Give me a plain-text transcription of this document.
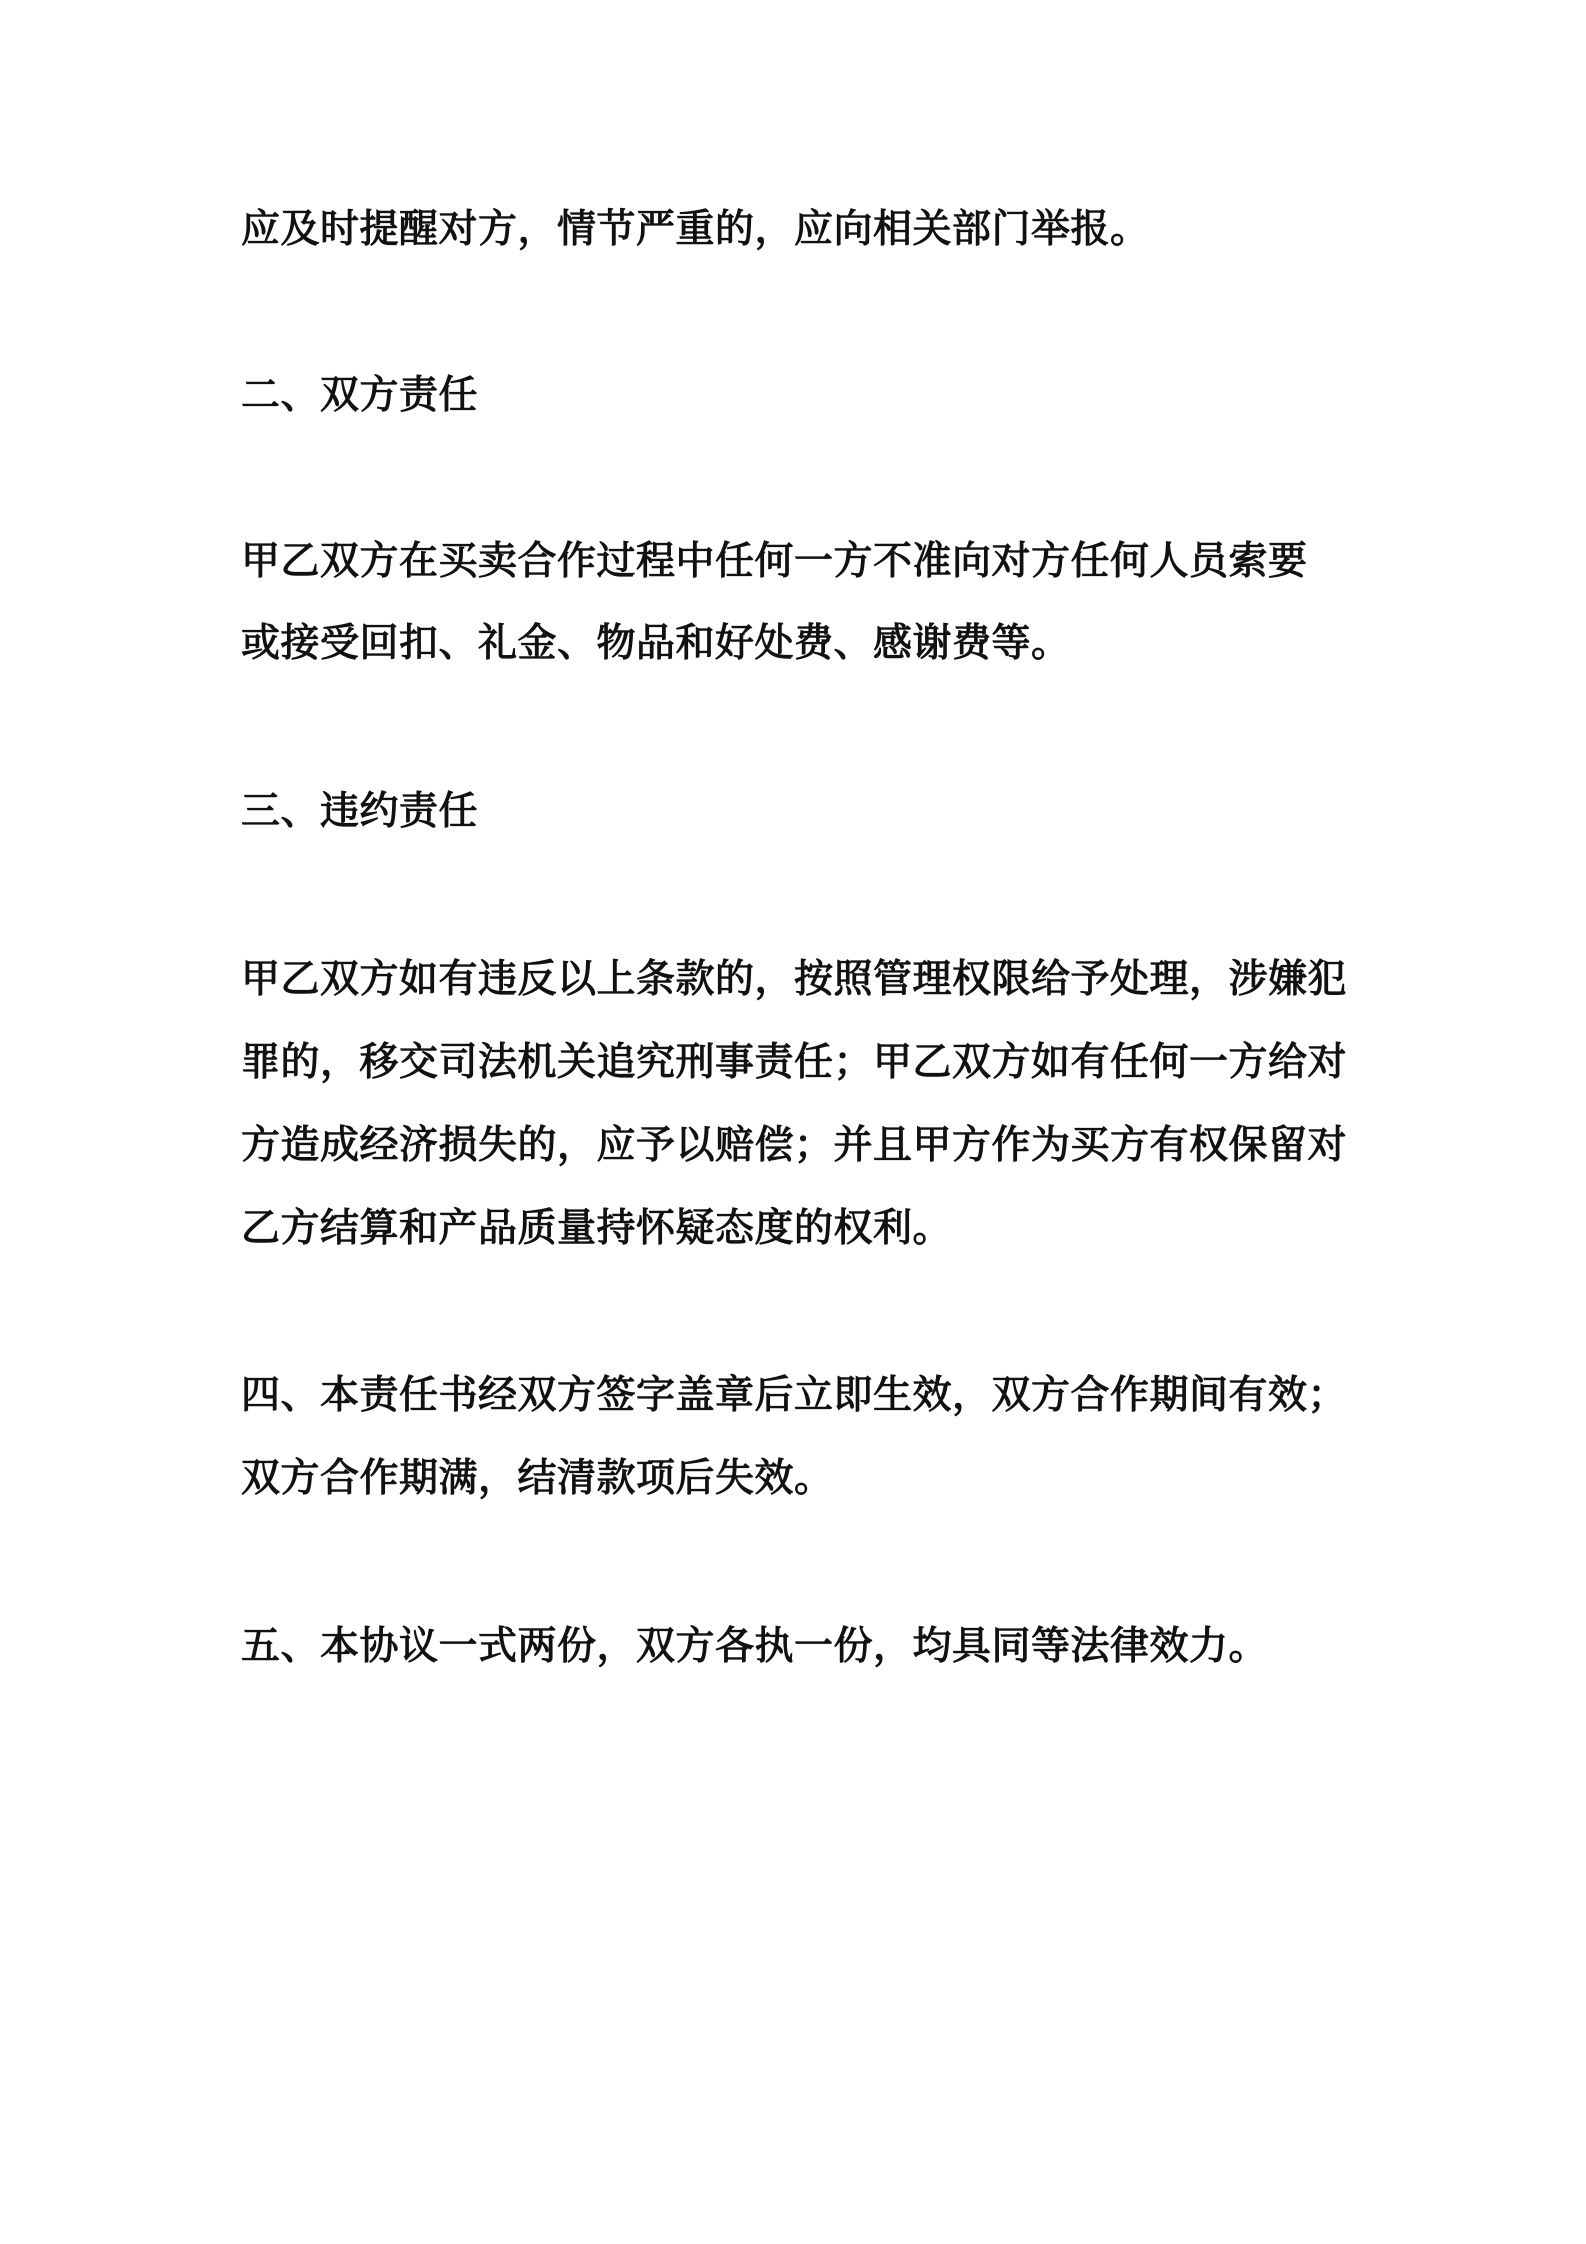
应及时提醒对方，情节严重的，应向相关部门举报。
二、双方责任
甲乙双方在买卖合作过程中任何一方不准向对方任何人员索要
或接受回扣、礼金、物品和好处费、感谢费等。
三、违约责任
甲乙双方如有违反以上条款的，按照管理权限给予处理，涉嫌犯
罪的，移交司法机关追究刑事责任；甲乙双方如有任何一方给对
方造成经济损失的，应予以赔偿；并且甲方作为买方有权保留对
乙方结算和产品质量持怀疑态度的权利。
四、本责任书经双方签字盖章后立即生效，双方合作期间有效；
双方合作期满，结清款项后失效。
五、本协议一式两份，双方各执一份，均具同等法律效力。
